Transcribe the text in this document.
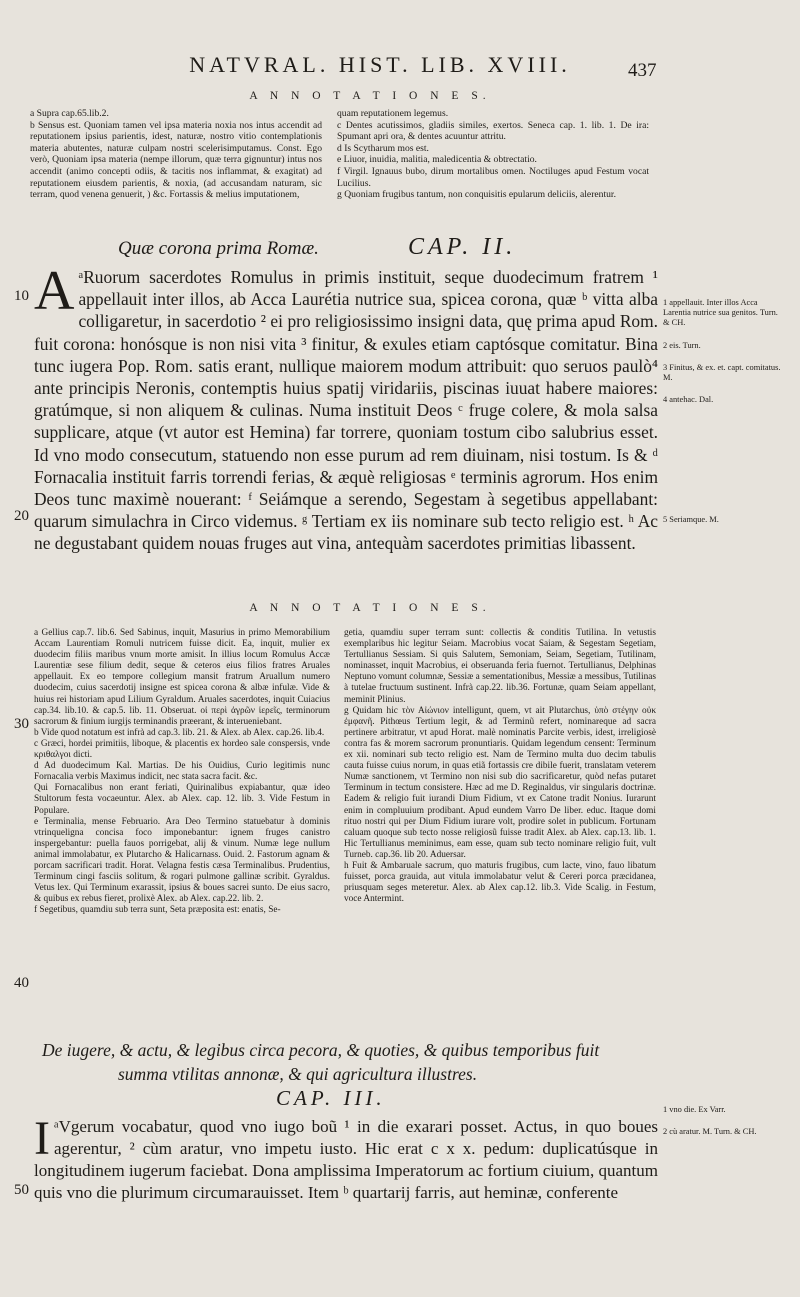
NATVRAL. HIST. LIB. XVIII.	437
A N N O T A T I O N E S.

a Supra cap.65.lib.2.

b Sensus est. Quoniam tamen vel ipsa materia noxia nos intus accendit ad reputationem ipsius parientis, idest, naturæ, nostro vitio contemplationis materia abutentes, naturæ culpam nostri scelerisimputamus. Const. Ego verò, Quoniam ipsa materia (nempe illorum, quæ terra gignuntur) intus nos accendit (animo concepti odiis, & tacitis nos inflammat, & exagitat) ad reputationem eiusdem parientis, & noxia, (ad accusandam naturam, sic terram, quod venena genuerit, ) &c. Fortassis & melius imputationem,

quam reputationem legemus.

c Dentes acutissimos, gladiis similes, exertos. Seneca cap. 1. lib. 1. De ira: Spumant apri ora, & dentes acuuntur attritu.

d Is Scytharum mos est.

e Liuor, inuidia, malitia, maledicentia & obtrectatio.

f Virgil. Ignauus bubo, dirum mortalibus omen. Noctiluges apud Festum vocat Lucilius.

g Quoniam frugibus tantum, non conquisitis epularum deliciis, alerentur.

Quæ corona prima Romæ.	CAP. II.
10
20

A ᵃRuorum sacerdotes Romulus in primis instituit, seque duodecimum fratrem ¹ appellauit inter illos, ab Acca Laurétia nutrice sua, spicea corona, quæ ᵇ vitta alba colligaretur, in sacerdotio ² ei pro religiosissimo insigni data, quę prima apud Rom. fuit corona: honósque is non nisi vita ³ finitur, & exules etiam captósque comitatur. Bina tunc iugera Pop. Rom. satis erant, nullique maiorem modum attribuit: quo seruos paulò⁴ ante principis Neronis, contemptis huius spatij viridariis, piscinas iuuat habere maiores: gratúmque, si non aliquem & culinas. Numa instituit Deos ᶜ fruge colere, & mola salsa supplicare, atque (vt autor est Hemina) far torrere, quoniam tostum cibo salubrius esset. Id vno modo consecutum, statuendo non esse purum ad rem diuinam, nisi tostum. Is & ᵈ Fornacalia instituit farris torrendi ferias, & æquè religiosas ᵉ terminis agrorum. Hos enim Deos tunc maximè nouerant: ᶠ Seiámque a serendo, Segestam à segetibus appellabant: quarum simulachra in Circo videmus. ᵍ Tertiam ex iis nominare sub tecto religio est. ʰ Ac ne degustabant quidem nouas fruges aut vina, antequàm sacerdotes primitias libassent.

1 appellauit. Inter illos Acca Larentia nutrice sua genitos. Turn. & CH.

2 eis. Turn.

3 Finitus, & ex. et. capt. comitatus. M.

4 antehac. Dal.

5 Seriamque. M.

A N N O T A T I O N E S.
30
40

a Gellius cap.7. lib.6. Sed Sabinus, inquit, Masurius in primo Memorabilium Accam Laurentiam Romuli nutricem fuisse dicit. Ea, inquit, mulier ex duodecim filiis maribus vnum morte amisit. In illius locum Romulus Accæ Laurentiæ sese filium dedit, seque & ceteros eius filios fratres Aruales appellauit. Ex eo tempore collegium mansit fratrum Aruallum numero duodecim, cuius sacerdotij insigne est spicea corona & albæ infulæ. Vide & huius rei historiam apud Lilium Gyraldum. Aruales sacerdotes, inquit Cuiacius cap.34. lib.10. & cap.5. lib. 11. Obseruat. οἱ περὶ ἀγρῶν ἱερεῖς, terminorum sacrorum & finium iurgijs terminandis præerant, & interueniebant.

b Vide quod notatum est infrà ad cap.3. lib. 21. & Alex. ab Alex. cap.26. lib.4.

c Græci, hordei primitiis, liboque, & placentis ex hordeo sale conspersis, vnde κριθαλγοι dicti.

d Ad duodecimum Kal. Martias. De his Ouidius, Curio legitimis nunc Fornacalia verbis Maximus indicit, nec stata sacra facit. &c.

Qui Fornacalibus non erant feriati, Quirinalibus expiabantur, quæ ideo Stultorum festa vocaeuntur. Alex. ab Alex. cap. 12. lib. 3. Vide Festum in Populare.

e Terminalia, mense Februario. Ara Deo Termino statuebatur à dominis vtrinqueligna concisa foco imponebantur: ignem fruges canistro inspergebantur: puella fauos porrigebat, alij & vinum. Numæ lege nullum animal immolabatur, ex Plutarcho & Halicarnass. Ouid. 2. Fastorum agnam & porcam sacrificari tradit. Horat. Velagna festis cæsa Terminalibus. Prudentius, Terminum cingi fasciis solitum, & rogari pulmone gallinæ scribit. Gyraldus. Vetus lex. Qui Terminum exarassit, ipsius & boues sacrei sunto. De eius sacro, & quibus ex rebus fieret, prolixè Alex. ab Alex. cap.22. lib. 2.

f Segetibus, quamdiu sub terra sunt, Seta præposita est: enatis, Se-

getia, quamdiu super terram sunt: collectis & conditis Tutilina. In vetustis exemplaribus hic legitur Seiam. Macrobius vocat Saiam, & Segestam Segetiam, Tertullianus Sessiam. Si quis Salutem, Semoniam, Seiam, Segetiam, Tutilinam, nominasset, inquit Macrobius, ei obseruanda feria fuernot. Tertullianus, Delphinas Neptuno vomunt columnæ, Sessiæ a sementationibus, Messiæ a messibus, Tutilinas à tutelae fructuum sustinent. Infrà cap.22. lib.36. Fortunæ, quam Seiam appellant, meminit Plinius.

g Quidam hic τὸν Αἰώνιον intelligunt, quem, vt ait Plutarchus, ὑπὸ στέγην οὐκ ἐμφανῆ. Pithœus Tertium legit, & ad Terminũ refert, nominareque ad sacra pertinere arbitratur, vt apud Horat. malè nominatis Parcite verbis, idest, irreligiosè contra fas & morem sacrorum pronuntiaris. Quidam legendum censent: Terminum ex xii. nominari sub tecto religio est. Nam de Termino multa duo decim tabulis cauta fuisse cuius norum, in quas etiã fortassis cre dibile fuerit, translatam veterem Numæ sanctionem, vt Termino non nisi sub dio sacrificaretur, quòd nefas putaret Terminum in tectum consistere. Hæc ad me D. Reginaldus, vir singularis doctrinæ. Eadem & religio fuit iurandi Dium Fidium, vt ex Catone tradit Nonius. Iurarunt enim in compluuium prodibant. Apud eundem Varro De liber. educ. Itaque domi rituo nostri qui per Dium Fidium iurare volt, prodire solet in publicum. Fortunam caluam quoque sub tecto nosse religiosũ fuisse tradit Alex. ab Alex. cap.13. lib. 1. Hic Tertullianus meminimus, eam esse, quam sub tecto nominare religio fuit, vult Turneb. cap.36. lib 20. Aduersar.

h Fuit & Ambaruale sacrum, quo maturis frugibus, cum lacte, vino, fauo libatum fuisset, porca grauida, aut vitula immolabatur velut & Cereri porca præcidanea, priusquam seges meteretur. Alex. ab Alex cap.12. lib.3. Vide Scalig. in Festum, voce Antermint.

De iugere, & actu, & legibus circa pecora, & quoties, & quibus temporibus fuit
summa vtilitas annonæ, & qui agricultura illustres.
CAP. III.
50

I ᵃVgerum vocabatur, quod vno iugo boũ ¹ in die exarari posset. Actus, in quo boues agerentur, ² cùm aratur, vno impetu iusto. Hic erat c x x. pedum: duplicatúsque in longitudinem iugerum faciebat. Dona amplissima Imperatorum ac fortium ciuium, quantum quis vno die plurimum circumarauisset. Item ᵇ quartarij farris, aut heminæ, conferente

1 vno die. Ex Varr.

2 cù aratur. M. Turn. & CH.
